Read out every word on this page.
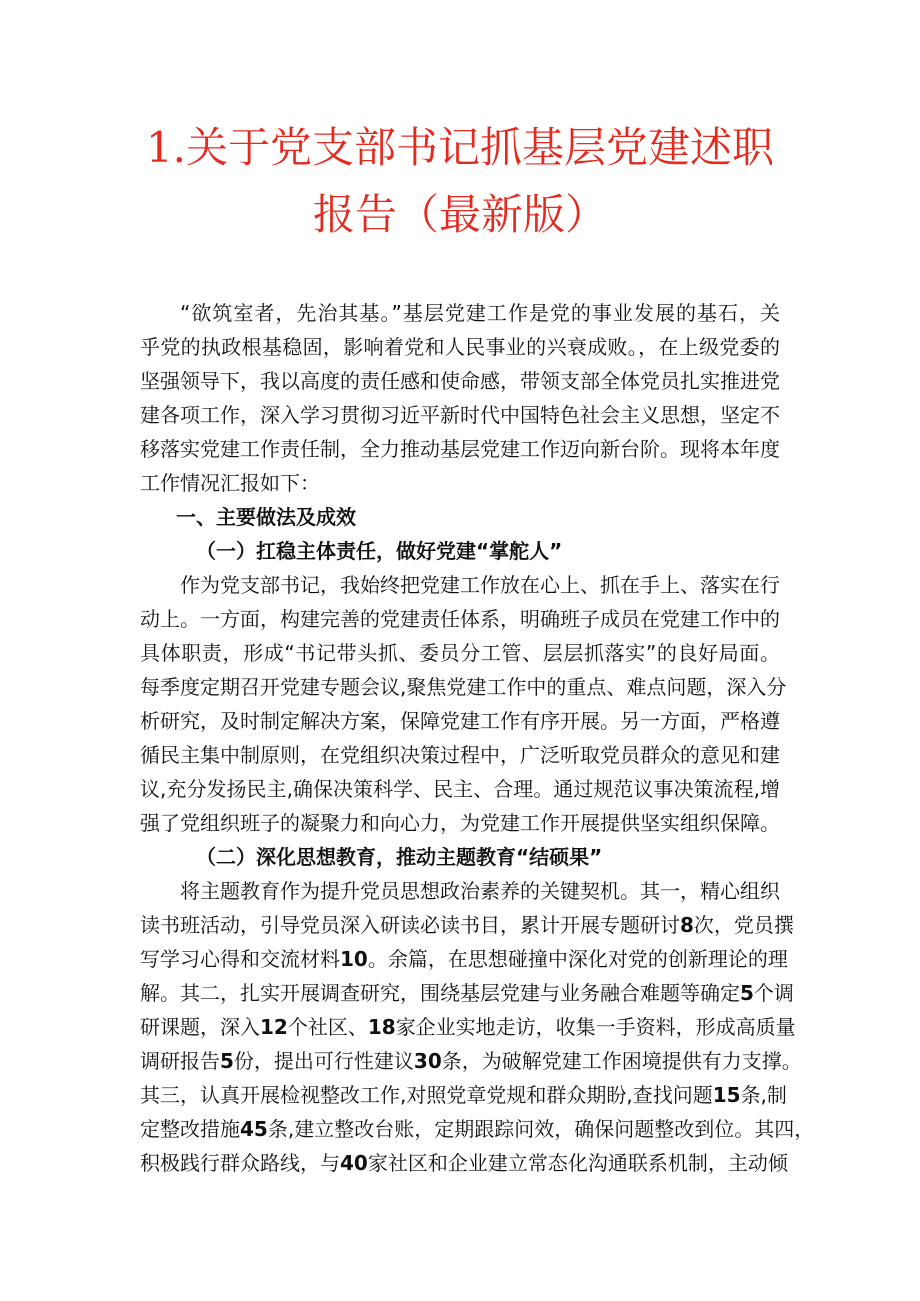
1.关于党支部书记抓基层党建述职
报告（最新版）
“欲筑室者，先治其基。”基层党建工作是党的事业发展的基石，关
乎党的执政根基稳固，影响着党和人民事业的兴衰成败。，在上级党委的
坚强领导下，我以高度的责任感和使命感，带领支部全体党员扎实推进党
建各项工作，深入学习贯彻习近平新时代中国特色社会主义思想，坚定不
移落实党建工作责任制，全力推动基层党建工作迈向新台阶。现将本年度
工作情况汇报如下：
一、主要做法及成效
（一）扛稳主体责任，做好党建“掌舵人”
作为党支部书记，我始终把党建工作放在心上、抓在手上、落实在行
动上。一方面，构建完善的党建责任体系，明确班子成员在党建工作中的
具体职责，形成“书记带头抓、委员分工管、层层抓落实”的良好局面。
每季度定期召开党建专题会议,聚焦党建工作中的重点、难点问题，深入分
析研究，及时制定解决方案，保障党建工作有序开展。另一方面，严格遵
循民主集中制原则，在党组织决策过程中，广泛听取党员群众的意见和建
议,充分发扬民主,确保决策科学、民主、合理。通过规范议事决策流程,增
强了党组织班子的凝聚力和向心力，为党建工作开展提供坚实组织保障。
（二）深化思想教育，推动主题教育“结硕果”
将主题教育作为提升党员思想政治素养的关键契机。其一，精心组织
读书班活动，引导党员深入研读必读书目，累计开展专题研讨8次，党员撰
写学习心得和交流材料10。余篇，在思想碰撞中深化对党的创新理论的理
解。其二，扎实开展调查研究，围绕基层党建与业务融合难题等确定5个调
研课题，深入12个社区、18家企业实地走访，收集一手资料，形成高质量
调研报告5份，提出可行性建议30条，为破解党建工作困境提供有力支撑。
其三，认真开展检视整改工作,对照党章党规和群众期盼,查找问题15条,制
定整改措施45条,建立整改台账，定期跟踪问效，确保问题整改到位。其四，
积极践行群众路线，与40家社区和企业建立常态化沟通联系机制，主动倾
